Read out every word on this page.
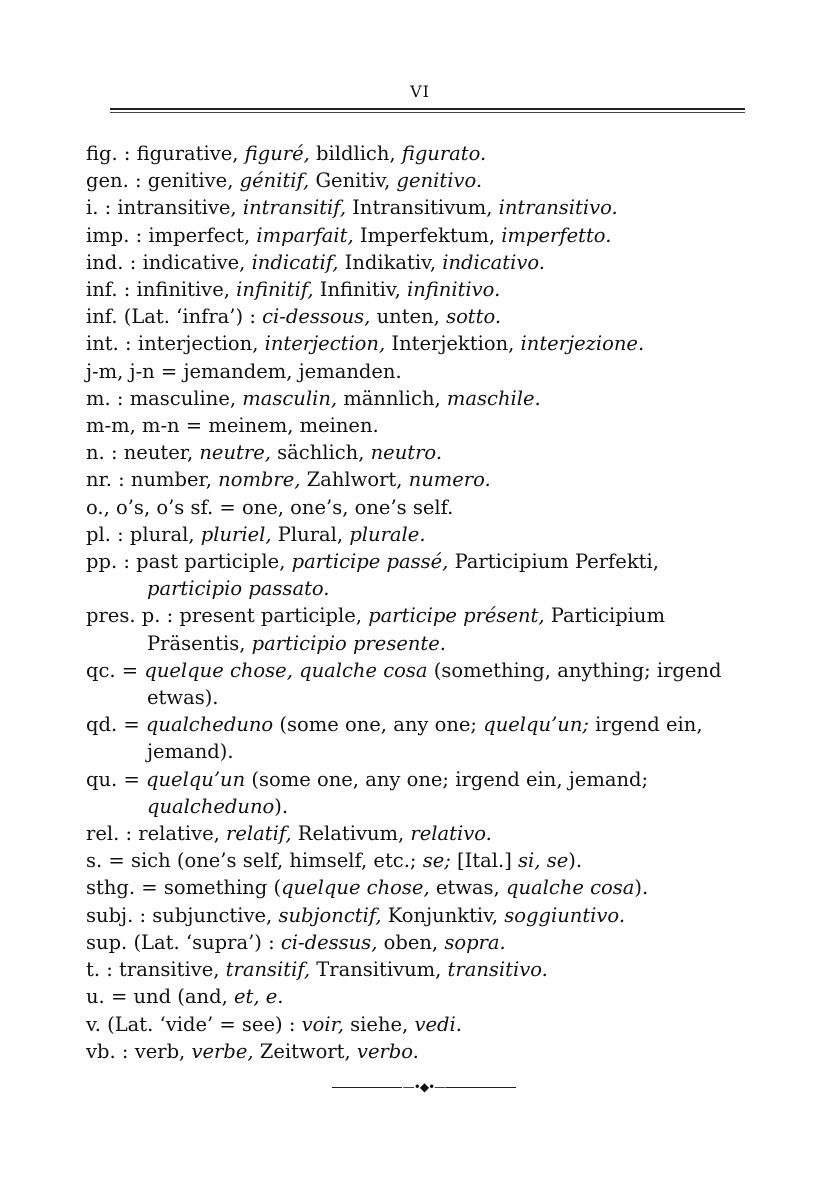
VI
fig. : figurative, figuré, bildlich, figurato.
gen. : genitive, génitif, Genitiv, genitivo.
i. : intransitive, intransitif, Intransitivum, intransitivo.
imp. : imperfect, imparfait, Imperfektum, imperfetto.
ind. : indicative, indicatif, Indikativ, indicativo.
inf. : infinitive, infinitif, Infinitiv, infinitivo.
inf. (Lat. ‘infra’) : ci-dessous, unten, sotto.
int. : interjection, interjection, Interjektion, interjezione.
j-m, j-n = jemandem, jemanden.
m. : masculine, masculin, männlich, maschile.
m-m, m-n = meinem, meinen.
n. : neuter, neutre, sächlich, neutro.
nr. : number, nombre, Zahlwort, numero.
o., o’s, o’s sf. = one, one’s, one’s self.
pl. : plural, pluriel, Plural, plurale.
pp. : past participle, participe passé, Participium Perfekti, participio passato.
pres. p. : present participle, participe présent, Participium Präsentis, participio presente.
qc. = quelque chose, qualche cosa (something, anything; irgend etwas).
qd. = qualcheduno (some one, any one; quelqu’un; irgend ein, jemand).
qu. = quelqu’un (some one, any one; irgend ein, jemand; qualcheduno).
rel. : relative, relatif, Relativum, relativo.
s. = sich (one’s self, himself, etc.; se; [Ital.] si, se).
sthg. = something (quelque chose, etwas, qualche cosa).
subj. : subjunctive, subjonctif, Konjunktiv, soggiuntivo.
sup. (Lat. ‘supra’) : ci-dessus, oben, sopra.
t. : transitive, transitif, Transitivum, transitivo.
u. = und (and, et, e.
v. (Lat. ‘vide’ = see) : voir, siehe, vedi.
vb. : verb, verbe, Zeitwort, verbo.
—•◆•—
